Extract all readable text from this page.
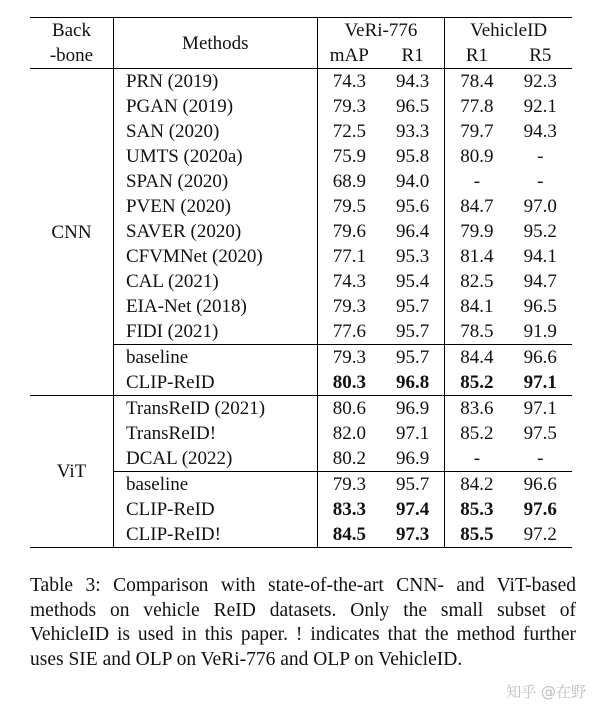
Back
-bone	Methods	VeRi-776		VehicleID	
		mAP	R1	R1	R5
CNN	PRN (2019)	74.3	94.3	78.4	92.3
	PGAN (2019)	79.3	96.5	77.8	92.1
	SAN (2020)	72.5	93.3	79.7	94.3
	UMTS (2020a)	75.9	95.8	80.9	-
	SPAN (2020)	68.9	94.0	-	-
	PVEN (2020)	79.5	95.6	84.7	97.0
	SAVER (2020)	79.6	96.4	79.9	95.2
	CFVMNet (2020)	77.1	95.3	81.4	94.1
	CAL (2021)	74.3	95.4	82.5	94.7
	EIA-Net (2018)	79.3	95.7	84.1	96.5
	FIDI (2021)	77.6	95.7	78.5	91.9
	baseline	79.3	95.7	84.4	96.6
	CLIP-ReID	80.3	96.8	85.2	97.1
ViT	TransReID (2021)	80.6	96.9	83.6	97.1
	TransReID!	82.0	97.1	85.2	97.5
	DCAL (2022)	80.2	96.9	-	-
	baseline	79.3	95.7	84.2	96.6
	CLIP-ReID	83.3	97.4	85.3	97.6
	CLIP-ReID!	84.5	97.3	85.5	97.2
Table 3: Comparison with state-of-the-art CNN- and ViT-based methods on vehicle ReID datasets. Only the small subset of VehicleID is used in this paper. ! indicates that the method further uses SIE and OLP on VeRi-776 and OLP on VehicleID.
知乎 @在野
